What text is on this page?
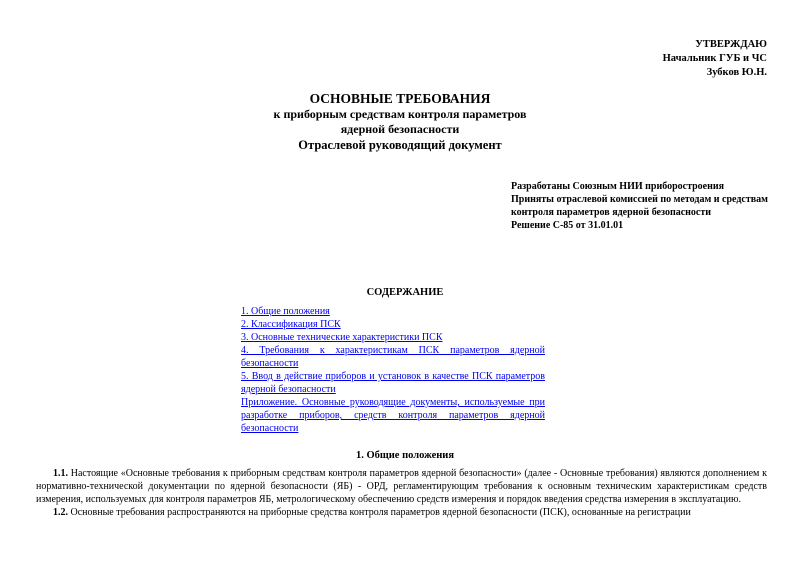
УТВЕРЖДАЮ
Начальник ГУБ и ЧС
Зубков Ю.Н.
ОСНОВНЫЕ ТРЕБОВАНИЯ
к приборным средствам контроля параметров
ядерной безопасности
Отраслевой руководящий документ
Разработаны Союзным НИИ приборостроения
Приняты отраслевой комиссией по методам и средствам контроля параметров ядерной безопасности
Решение С-85 от 31.01.01
СОДЕРЖАНИЕ
1. Общие положения
2. Классификация ПСК
3. Основные технические характеристики ПСК
4. Требования к характеристикам ПСК параметров ядерной безопасности
5. Ввод в действие приборов и установок в качестве ПСК параметров ядерной безопасности
Приложение. Основные руководящие документы, используемые при разработке приборов, средств контроля параметров ядерной безопасности
1. Общие положения

1.1. Настоящие «Основные требования к приборным средствам контроля параметров ядерной безопасности» (далее - Основные требования) являются дополнением к нормативно-технической документации по ядерной безопасности (ЯБ) - ОРД, регламентирующим требования к основным техническим характеристикам средств измерения, используемых для контроля параметров ЯБ, метрологическому обеспечению средств измерения и порядок введения средства измерения в эксплуатацию.

1.2. Основные требования распространяются на приборные средства контроля параметров ядерной безопасности (ПСК), основанные на регистрации
